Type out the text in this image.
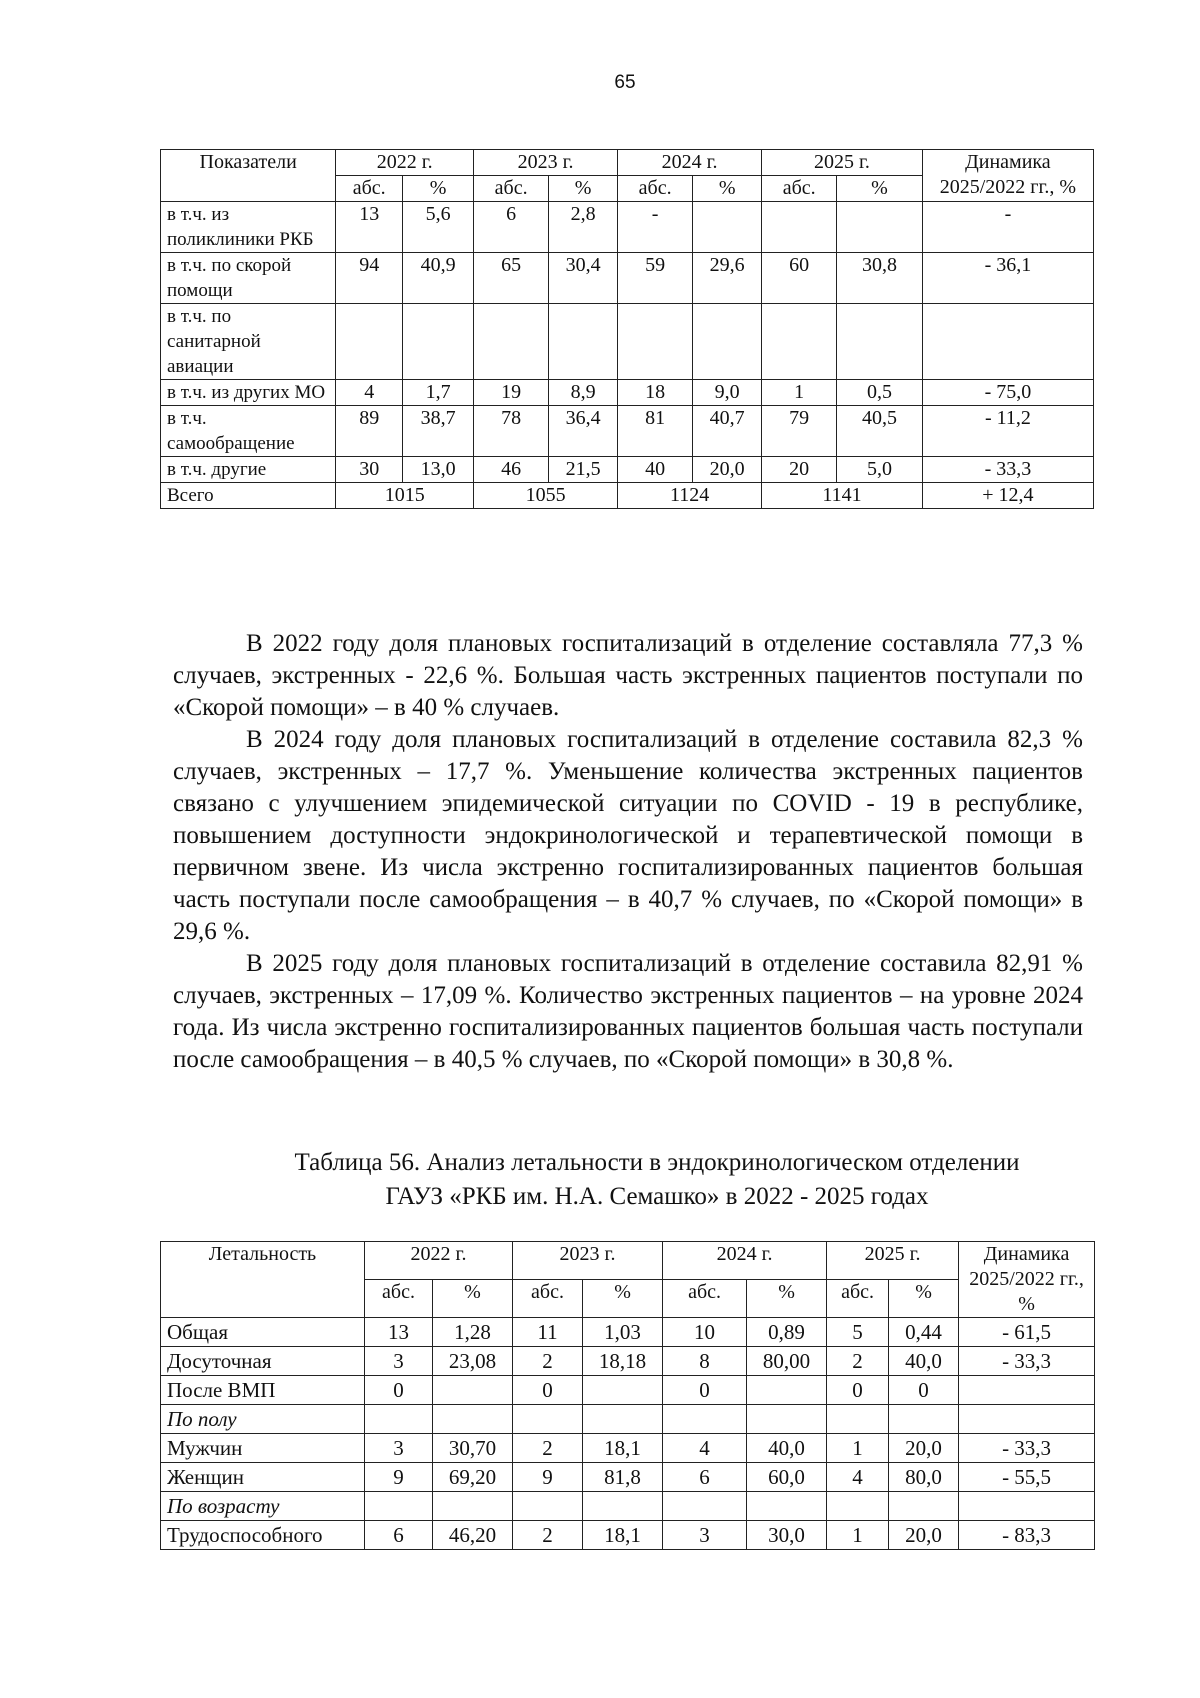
65
Показатели	2022 г.		2023 г.		2024 г.		2025 г.		Динамика 2025/2022 гг., %
	абс.	%	абс.	%	абс.	%	абс.	%	
в т.ч. из поликлиники РКБ	13	5,6	6	2,8	-				-
в т.ч. по скорой помощи	94	40,9	65	30,4	59	29,6	60	30,8	- 36,1
в т.ч. по санитарной авиации									
в т.ч. из других МО	4	1,7	19	8,9	18	9,0	1	0,5	- 75,0
в т.ч. самообращение	89	38,7	78	36,4	81	40,7	79	40,5	- 11,2
в т.ч. другие	30	13,0	46	21,5	40	20,0	20	5,0	- 33,3
Всего	1015		1055		1124		1141		+ 12,4

В 2022 году доля плановых госпитализаций в отделение составляла 77,3 % случаев, экстренных - 22,6 %. Большая часть экстренных пациентов поступали по «Скорой помощи» – в 40 % случаев.

В 2024 году доля плановых госпитализаций в отделение составила 82,3 % случаев, экстренных – 17,7 %. Уменьшение количества экстренных пациентов связано с улучшением эпидемической ситуации по COVID - 19 в республике, повышением доступности эндокринологической и терапевтической помощи в первичном звене. Из числа экстренно госпитализированных пациентов большая часть поступали после самообращения – в 40,7 % случаев, по «Скорой помощи» в 29,6 %.

В 2025 году доля плановых госпитализаций в отделение составила 82,91 % случаев, экстренных – 17,09 %. Количество экстренных пациентов – на уровне 2024 года. Из числа экстренно госпитализированных пациентов большая часть поступали после самообращения – в 40,5 % случаев, по «Скорой помощи» в 30,8 %.

Таблица 56. Анализ летальности в эндокринологическом отделении
ГАУЗ «РКБ им. Н.А. Семашко» в 2022 - 2025 годах
Летальность	2022 г.		2023 г.		2024 г.		2025 г.		Динамика 2025/2022 гг., %
	абс.	%	абс.	%	абс.	%	абс.	%	
Общая	13	1,28	11	1,03	10	0,89	5	0,44	- 61,5
Досуточная	3	23,08	2	18,18	8	80,00	2	40,0	- 33,3
После ВМП	0		0		0		0	0	
По полу									
Мужчин	3	30,70	2	18,1	4	40,0	1	20,0	- 33,3
Женщин	9	69,20	9	81,8	6	60,0	4	80,0	- 55,5
По возрасту									
Трудоспособного	6	46,20	2	18,1	3	30,0	1	20,0	- 83,3
